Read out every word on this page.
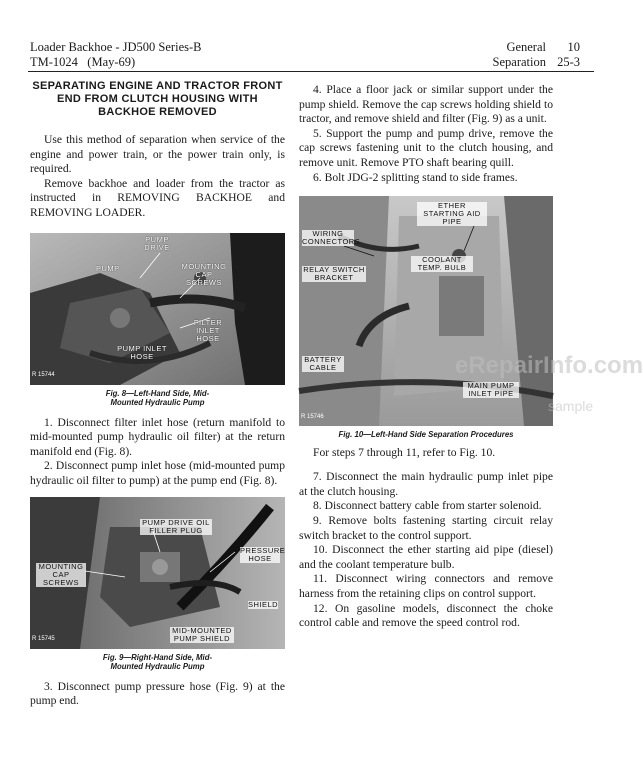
Loader Backhoe - JD500 Series-B
TM-1024   (May-69)
General 10
Separation 25-3
SEPARATING ENGINE AND TRACTOR FRONT END FROM CLUTCH HOUSING WITH BACKHOE REMOVED

Use this method of separation when service of the engine and power train, or the power train only, is required.

Remove backhoe and loader from the tractor as instructed in REMOVING BACKHOE and REMOVING LOADER.

PUMP DRIVE
PUMP	MOUNTING CAP SCREWS
FILTER INLET HOSE
PUMP INLET HOSE
R 15744
Fig. 8—Left-Hand Side, Mid-Mounted Hydraulic Pump

1. Disconnect filter inlet hose (return manifold to mid-mounted pump hydraulic oil filter) at the return manifold end (Fig. 8).

2. Disconnect pump inlet hose (mid-mounted pump hydraulic oil filter to pump) at the pump end (Fig. 8).

PUMP DRIVE OIL FILLER PLUG
PRESSURE HOSE
MOUNTING CAP SCREWS
SHIELD
MID-MOUNTED PUMP SHIELD
R 15745
Fig. 9—Right-Hand Side, Mid-Mounted Hydraulic Pump

3. Disconnect pump pressure hose (Fig. 9) at the pump end.

4. Place a floor jack or similar support under the pump shield. Remove the cap screws holding shield to tractor, and remove shield and filter (Fig. 9) as a unit.

5. Support the pump and pump drive, remove the cap screws fastening unit to the clutch housing, and remove unit. Remove PTO shaft bearing quill.

6. Bolt JDG-2 splitting stand to side frames.

ETHER STARTING AID PIPE
WIRING CONNECTORS
COOLANT TEMP. BULB
RELAY SWITCH BRACKET
BATTERY CABLE
MAIN PUMP INLET PIPE
R 15746
Fig. 10—Left-Hand Side Separation Procedures

For steps 7 through 11, refer to Fig. 10.

7. Disconnect the main hydraulic pump inlet pipe at the clutch housing.

8. Disconnect battery cable from starter solenoid.

9. Remove bolts fastening starting circuit relay switch bracket to the control support.

10. Disconnect the ether starting aid pipe (diesel) and the coolant temperature bulb.

11. Disconnect wiring connectors and remove harness from the retaining clips on control support.

12. On gasoline models, disconnect the choke control cable and remove the speed control rod.

eRepairInfo.com
sample
